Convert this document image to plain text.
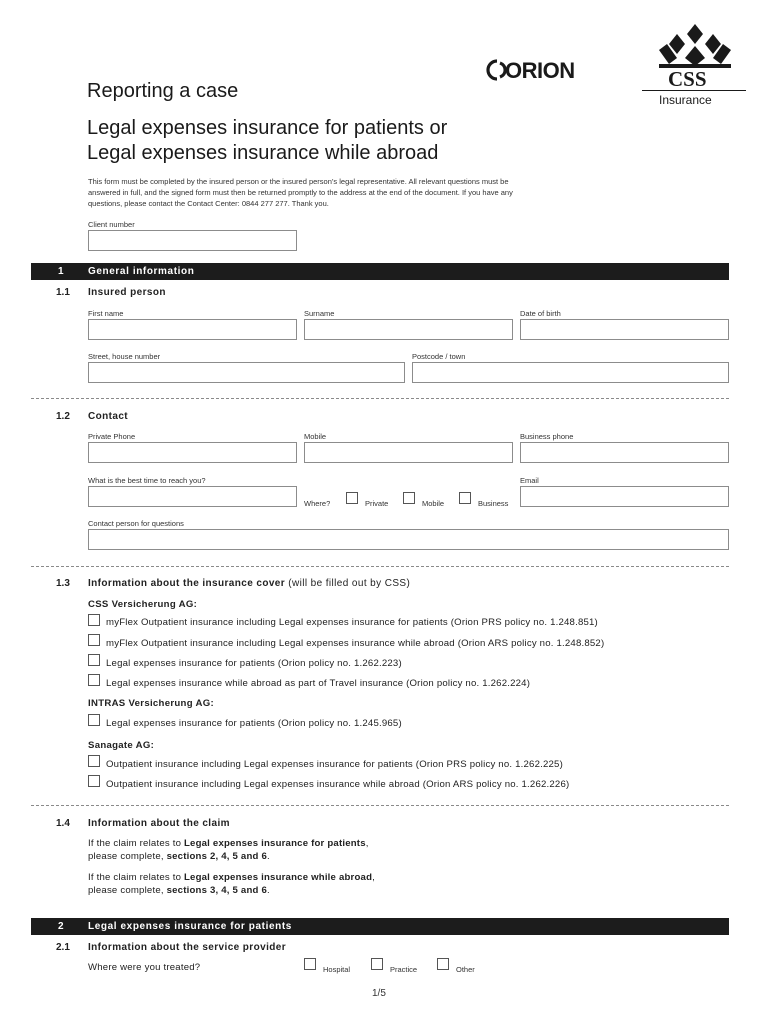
ORION	CSS
Insurance
Reporting a case
Legal expenses insurance for patients or
Legal expenses insurance while abroad
This form must be completed by the insured person or the insured person’s legal representative. All relevant questions must be
answered in full, and the signed form must then be returned promptly to the address at the end of the document. If you have any
questions, please contact the Contact Center: 0844 277 277. Thank you.
Client number
1 General information
1.1 Insured person
First name	Surname	Date of birth
Street, house number	Postcode / town
1.2 Contact
Private Phone	Mobile	Business phone
What is the best time to reach you?
Where?	Private	Mobile	Business
Email
Contact person for questions
1.3 Information about the insurance cover (will be filled out by CSS)
CSS Versicherung AG:
myFlex Outpatient insurance including Legal expenses insurance for patients (Orion PRS policy no. 1.248.851)
myFlex Outpatient insurance including Legal expenses insurance while abroad (Orion ARS policy no. 1.248.852)
Legal expenses insurance for patients (Orion policy no. 1.262.223)
Legal expenses insurance while abroad as part of Travel insurance (Orion policy no. 1.262.224)
INTRAS Versicherung AG:
Legal expenses insurance for patients (Orion policy no. 1.245.965)
Sanagate AG:
Outpatient insurance including Legal expenses insurance for patients (Orion PRS policy no. 1.262.225)
Outpatient insurance including Legal expenses insurance while abroad (Orion ARS policy no. 1.262.226)
1.4 Information about the claim
If the claim relates to Legal expenses insurance for patients,
please complete, sections 2, 4, 5 and 6.
If the claim relates to Legal expenses insurance while abroad,
please complete, sections 3, 4, 5 and 6.
2 Legal expenses insurance for patients
2.1 Information about the service provider
Where were you treated?	Hospital	Practice	Other
1/5
